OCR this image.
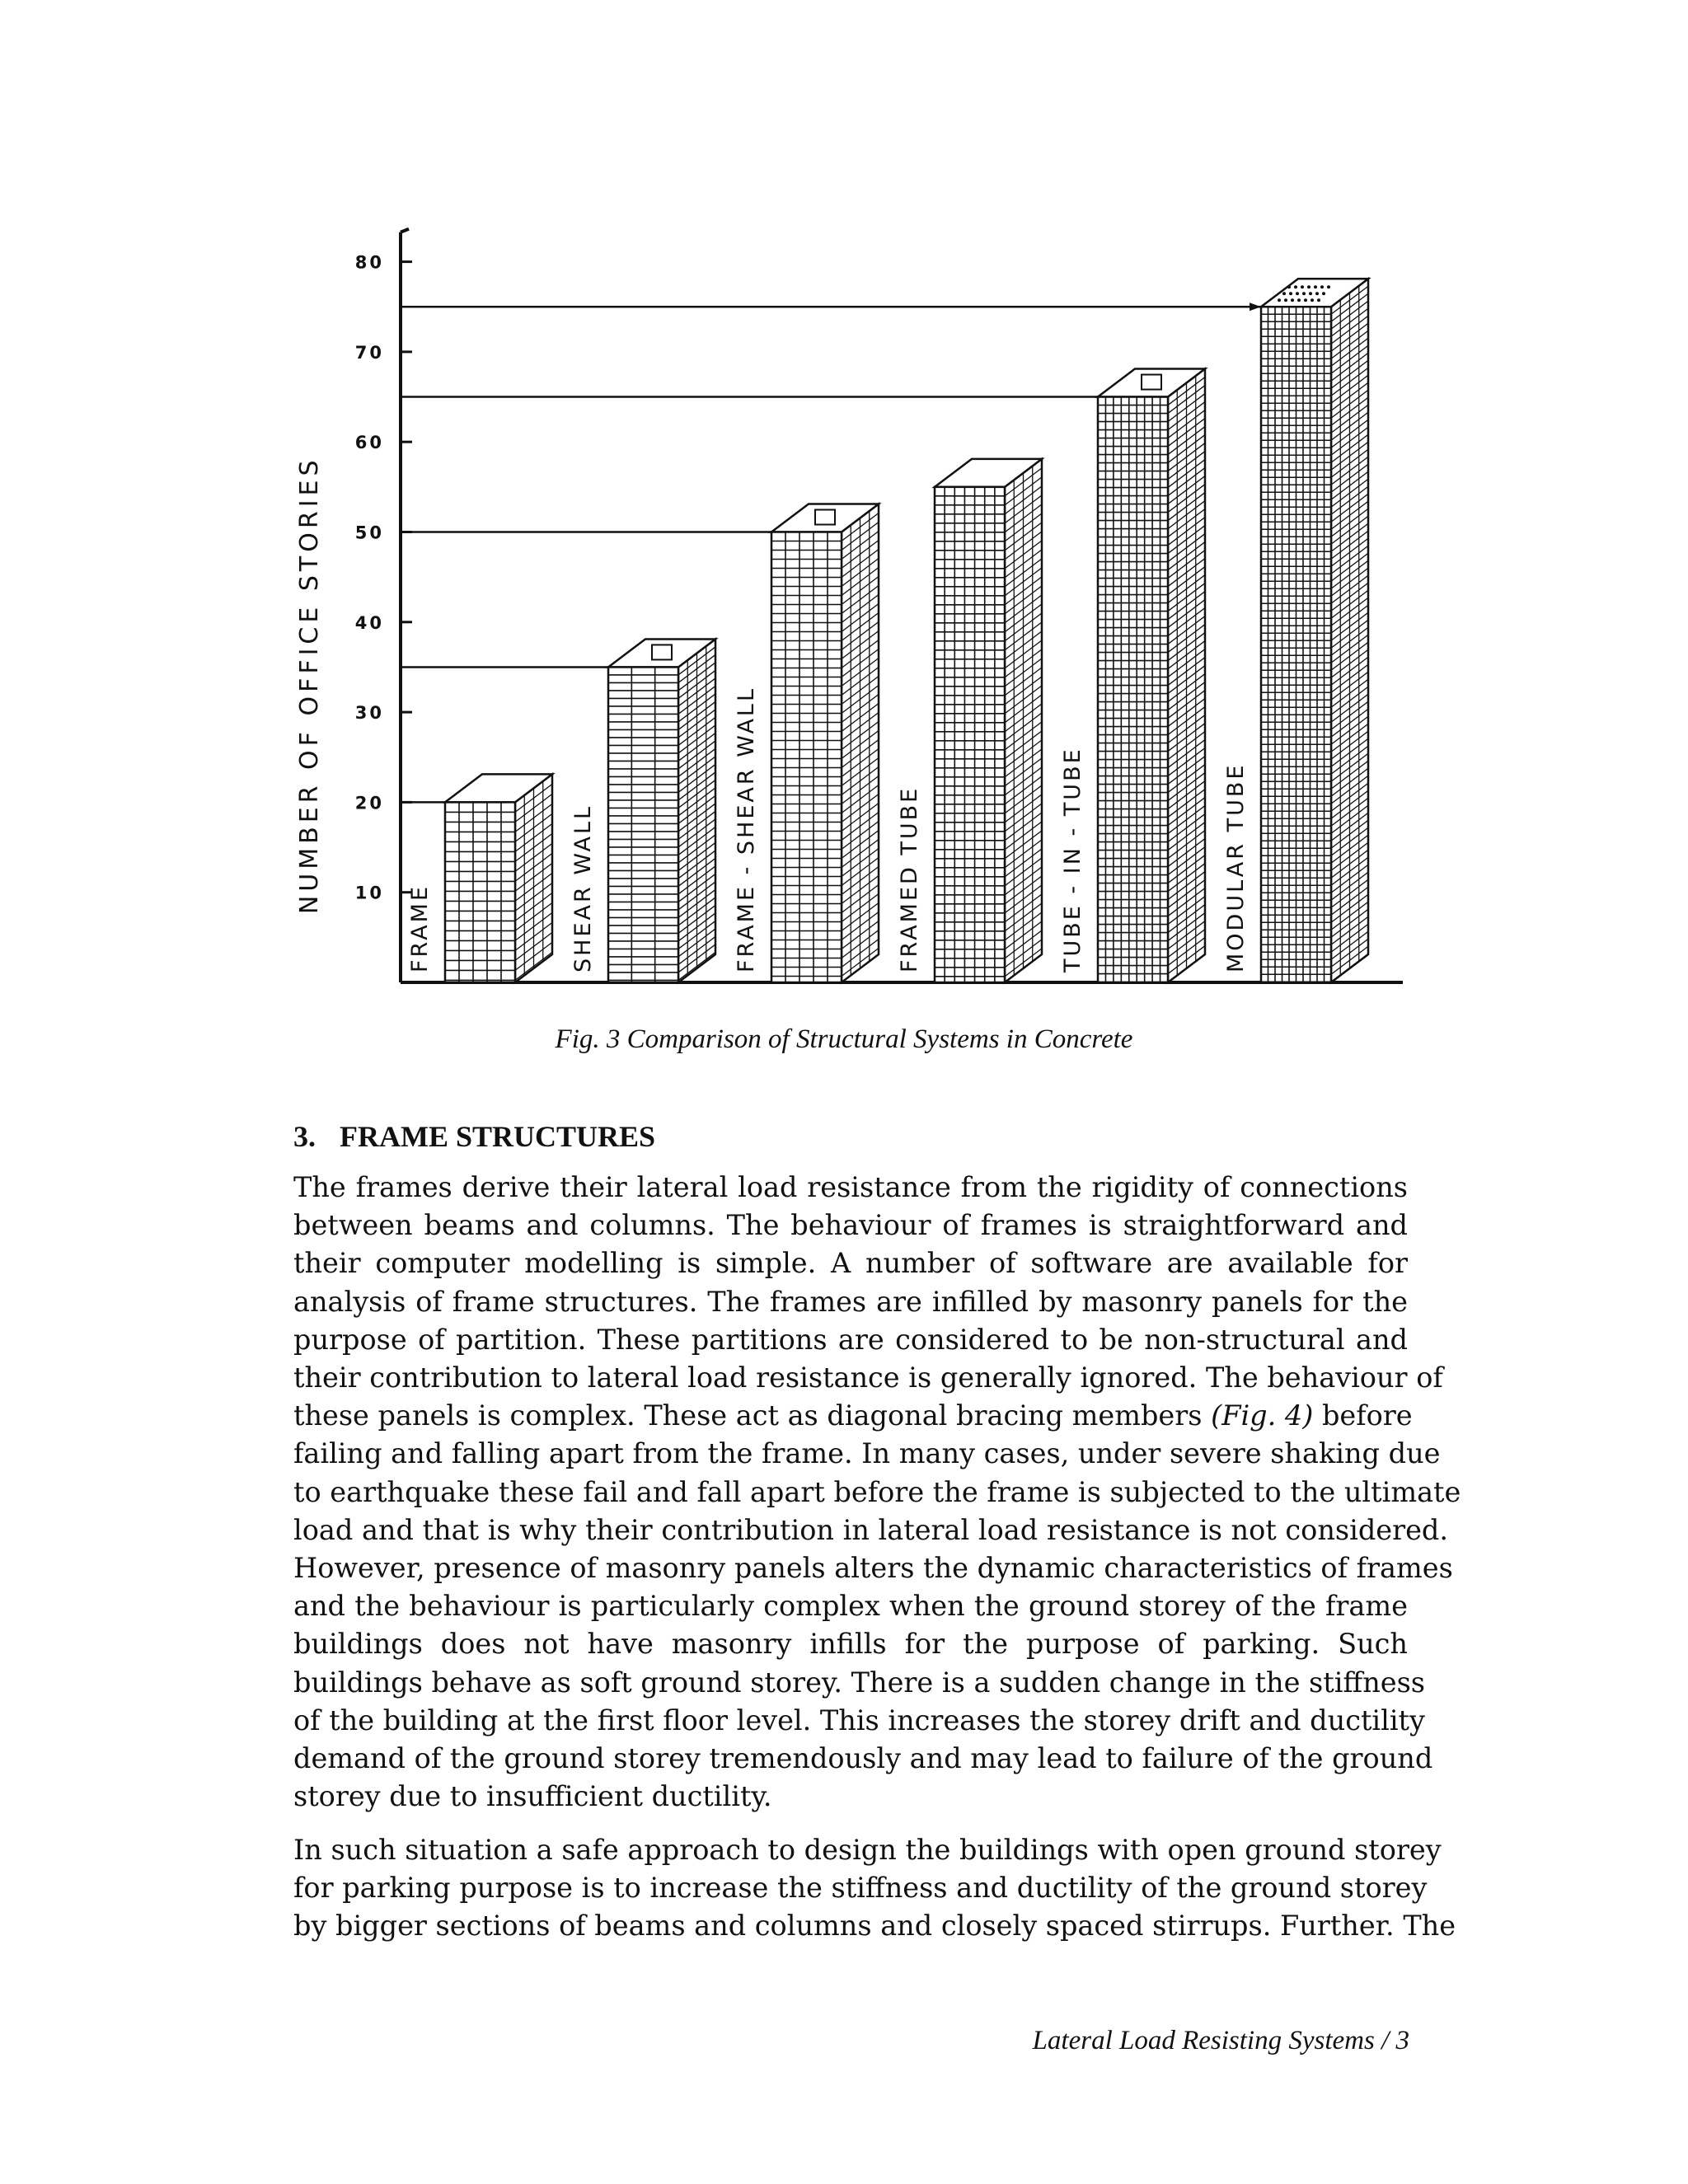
10
20
30
40
50
60
70
80
NUMBER OF OFFICE STORIES
FRAME	SHEAR WALL	FRAME - SHEAR WALL	FRAMED TUBE	TUBE - IN - TUBE	MODULAR TUBE
Fig. 3 Comparison of Structural Systems in Concrete
3. FRAME STRUCTURES

The frames derive their lateral load resistance from the rigidity of connections
between beams and columns. The behaviour of frames is straightforward and
their computer modelling is simple. A number of software are available for
analysis of frame structures. The frames are infilled by masonry panels for the
purpose of partition. These partitions are considered to be non-structural and
their contribution to lateral load resistance is generally ignored. The behaviour of
these panels is complex. These act as diagonal bracing members (Fig. 4) before
failing and falling apart from the frame. In many cases, under severe shaking due
to earthquake these fail and fall apart before the frame is subjected to the ultimate
load and that is why their contribution in lateral load resistance is not considered.
However, presence of masonry panels alters the dynamic characteristics of frames
and the behaviour is particularly complex when the ground storey of the frame
buildings does not have masonry infills for the purpose of parking. Such
buildings behave as soft ground storey. There is a sudden change in the stiffness
of the building at the first floor level. This increases the storey drift and ductility
demand of the ground storey tremendously and may lead to failure of the ground
storey due to insufficient ductility.

In such situation a safe approach to design the buildings with open ground storey
for parking purpose is to increase the stiffness and ductility of the ground storey
by bigger sections of beams and columns and closely spaced stirrups. Further. The

Lateral Load Resisting Systems / 3
